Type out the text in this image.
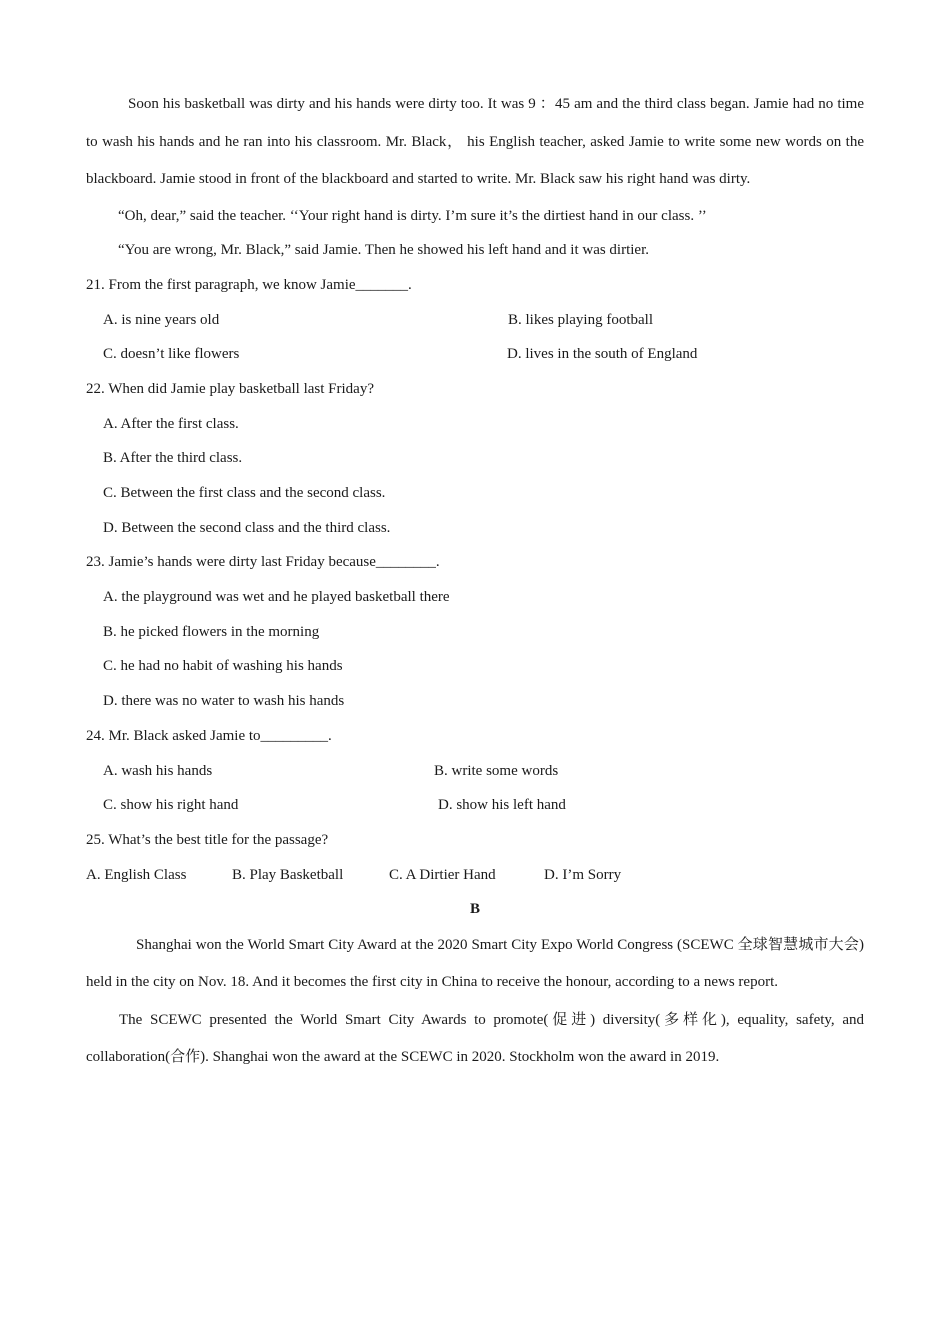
Soon his basketball was dirty and his hands were dirty too. It was 9 ：45 am and the third class began. Jamie had no time to wash his hands and he ran into his classroom. Mr. Black， his English teacher, asked Jamie to write some new words on the blackboard. Jamie stood in front of the blackboard and started to write. Mr. Black saw his right hand was dirty.

“Oh, dear,” said the teacher. ‘‘Your right hand is dirty. I’m sure it’s the dirtiest hand in our class. ’’
“You are wrong, Mr. Black,” said Jamie. Then he showed his left hand and it was dirtier.
21. From the first paragraph, we know Jamie_______.
A. is nine years old	B. likes playing football
C. doesn’t like flowers	D. lives in the south of England
22. When did Jamie play basketball last Friday?
A. After the first class.
B. After the third class.
C. Between the first class and the second class.
D. Between the second class and the third class.
23. Jamie’s hands were dirty last Friday because________.
A. the playground was wet and he played basketball there
B. he picked flowers in the morning
C. he had no habit of washing his hands
D. there was no water to wash his hands
24. Mr. Black asked Jamie to_________.
A. wash his hands	B. write some words
C. show his right hand	D. show his left hand
25. What’s the best title for the passage?
A. English Class	B. Play Basketball	C. A Dirtier Hand	D. I’m Sorry
B

Shanghai won the World Smart City Award at the 2020 Smart City Expo World Congress (SCEWC 全球智慧城市大会) held in the city on Nov. 18. And it becomes the first city in China to receive the honour, according to a news report.

The SCEWC presented the World Smart City Awards to promote(促进) diversity(多样化), equality, safety, and collaboration(合作). Shanghai won the award at the SCEWC in 2020. Stockholm won the award in 2019.
